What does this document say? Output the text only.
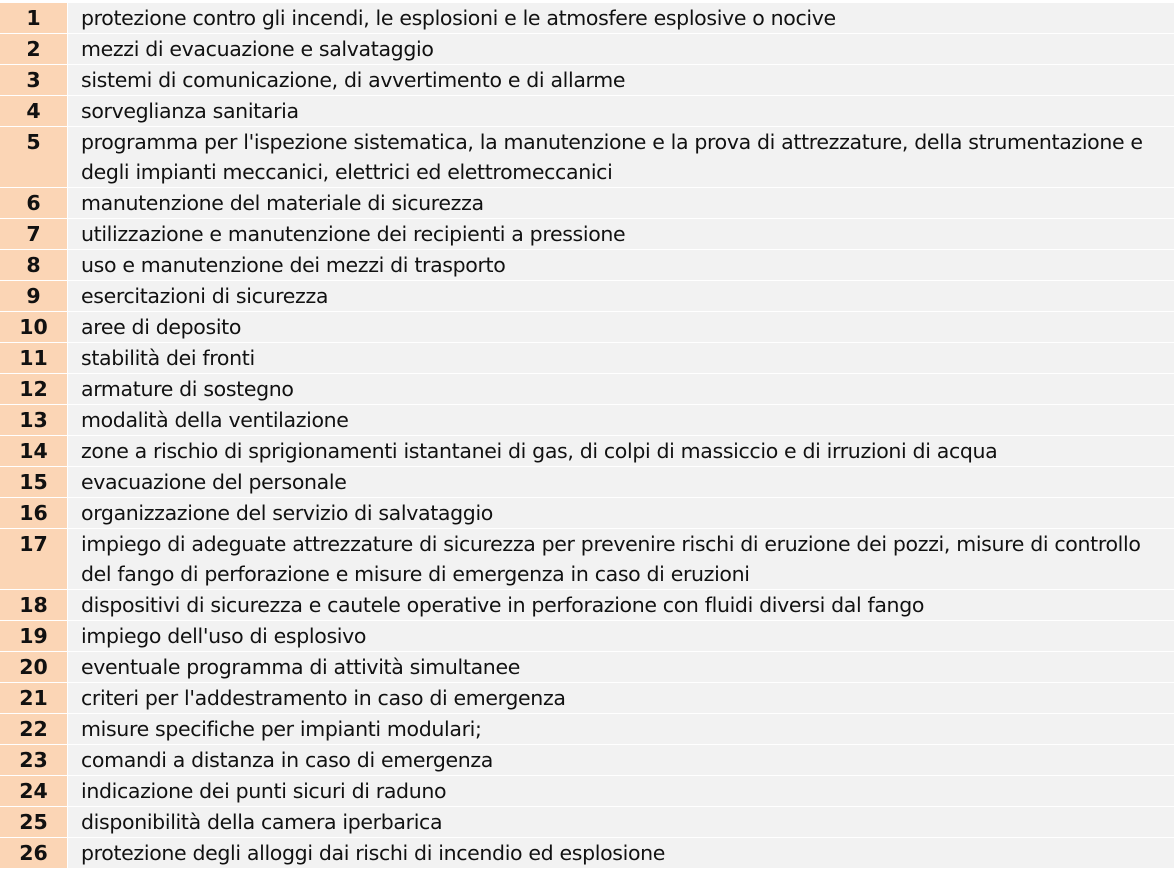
1	protezione contro gli incendi, le esplosioni e le atmosfere esplosive o nocive
2	mezzi di evacuazione e salvataggio
3	sistemi di comunicazione, di avvertimento e di allarme
4	sorveglianza sanitaria
5	programma per l'ispezione sistematica, la manutenzione e la prova di attrezzature, della strumentazione e degli impianti meccanici, elettrici ed elettromeccanici
6	manutenzione del materiale di sicurezza
7	utilizzazione e manutenzione dei recipienti a pressione
8	uso e manutenzione dei mezzi di trasporto
9	esercitazioni di sicurezza
10	aree di deposito
11	stabilità dei fronti
12	armature di sostegno
13	modalità della ventilazione
14	zone a rischio di sprigionamenti istantanei di gas, di colpi di massiccio e di irruzioni di acqua
15	evacuazione del personale
16	organizzazione del servizio di salvataggio
17	impiego di adeguate attrezzature di sicurezza per prevenire rischi di eruzione dei pozzi, misure di controllo del fango di perforazione e misure di emergenza in caso di eruzioni
18	dispositivi di sicurezza e cautele operative in perforazione con fluidi diversi dal fango
19	impiego dell'uso di esplosivo
20	eventuale programma di attività simultanee
21	criteri per l'addestramento in caso di emergenza
22	misure specifiche per impianti modulari;
23	comandi a distanza in caso di emergenza
24	indicazione dei punti sicuri di raduno
25	disponibilità della camera iperbarica
26	protezione degli alloggi dai rischi di incendio ed esplosione
